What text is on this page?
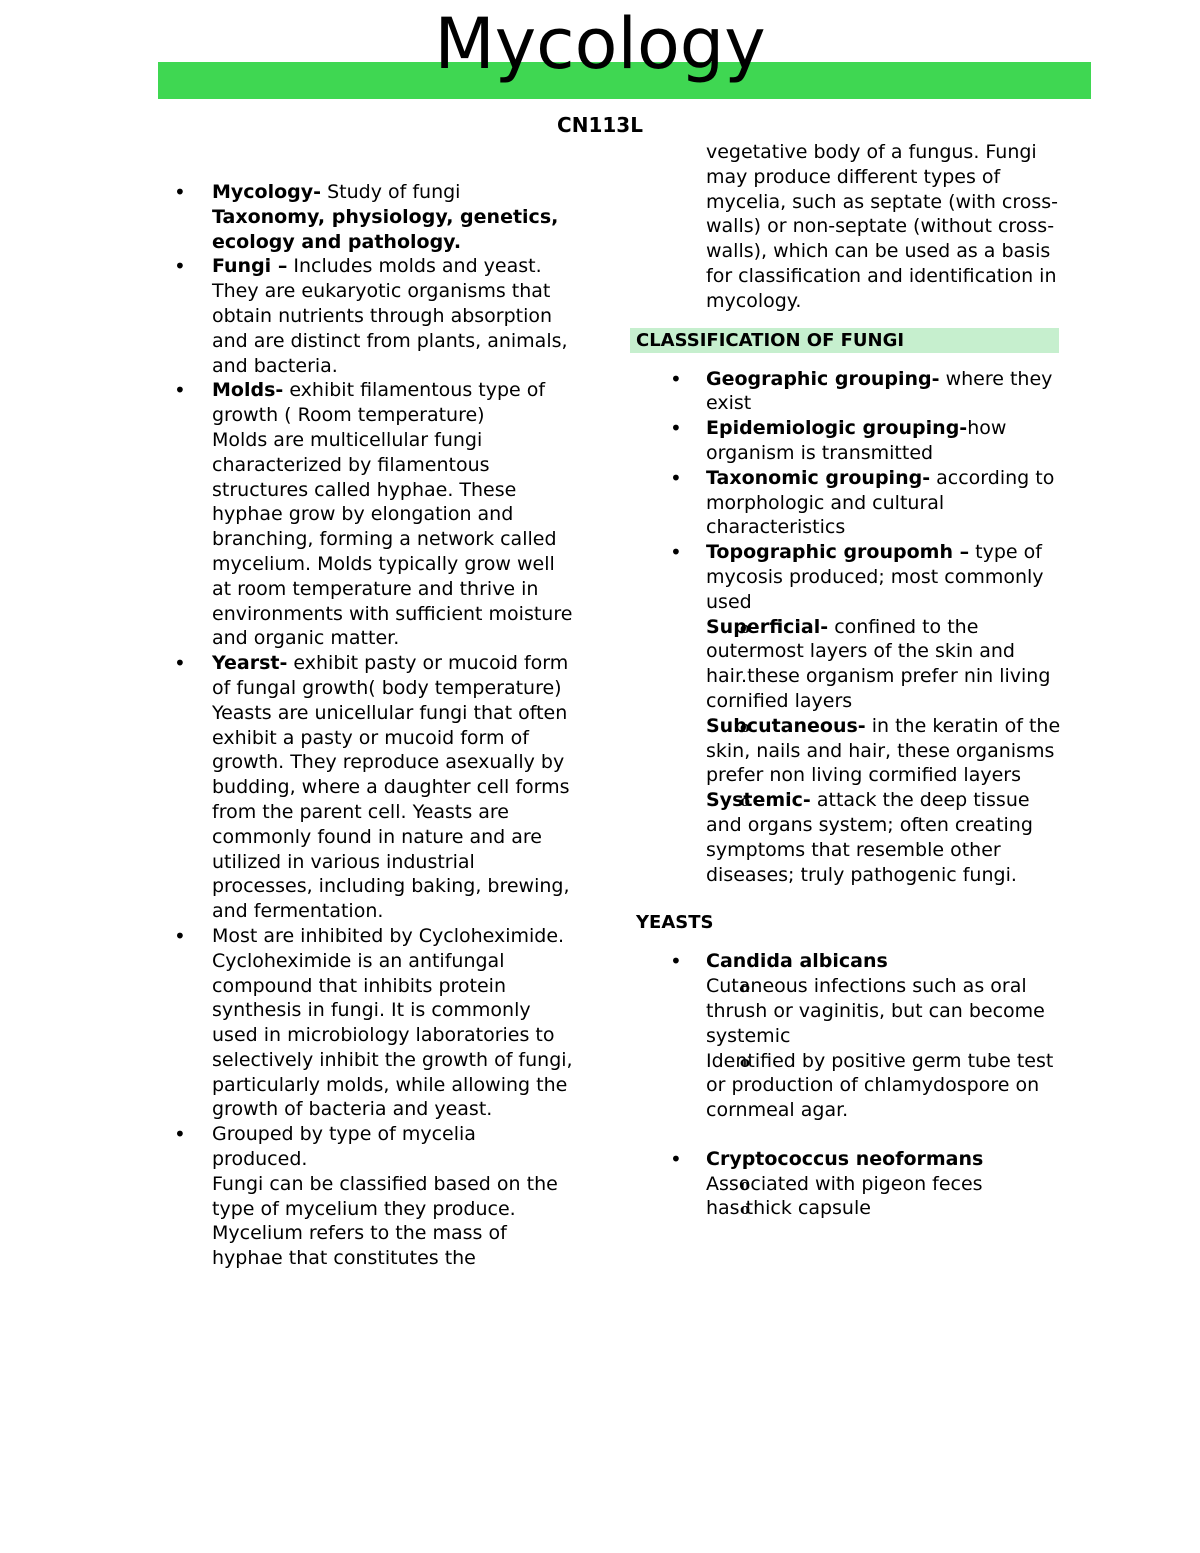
Mycology
CN113L
• Mycology- Study of fungi
Taxonomy, physiology, genetics, ecology and pathology.
• Fungi – Includes molds and yeast. They are eukaryotic organisms that obtain nutrients through absorption and are distinct from plants, animals, and bacteria.
• Molds- exhibit filamentous type of growth ( Room temperature)
Molds are multicellular fungi characterized by filamentous structures called hyphae. These hyphae grow by elongation and branching, forming a network called mycelium. Molds typically grow well at room temperature and thrive in environments with sufficient moisture and organic matter.
• Yearst- exhibit pasty or mucoid form of fungal growth( body temperature)
Yeasts are unicellular fungi that often exhibit a pasty or mucoid form of growth. They reproduce asexually by budding, where a daughter cell forms from the parent cell. Yeasts are commonly found in nature and are utilized in various industrial processes, including baking, brewing, and fermentation.
• Most are inhibited by Cycloheximide.
Cycloheximide is an antifungal compound that inhibits protein synthesis in fungi. It is commonly used in microbiology laboratories to selectively inhibit the growth of fungi, particularly molds, while allowing the growth of bacteria and yeast.
• Grouped by type of mycelia produced.
Fungi can be classified based on the type of mycelium they produce. Mycelium refers to the mass of hyphae that constitutes the
vegetative body of a fungus. Fungi may produce different types of mycelia, such as septate (with cross-walls) or non-septate (without cross-walls), which can be used as a basis for classification and identification in mycology.
CLASSIFICATION OF FUNGI
• Geographic grouping- where they exist
• Epidemiologic grouping-how organism is transmitted
• Taxonomic grouping- according to morphologic and cultural characteristics
• Topographic groupomh – type of mycosis produced; most commonly used
o Superficial- confined to the outermost layers of the skin and hair.these organism prefer nin living cornified layers
o Subcutaneous- in the keratin of the skin, nails and hair, these organisms prefer non living cormified layers
o Systemic- attack the deep tissue and organs system; often creating symptoms that resemble other diseases; truly pathogenic fungi.
YEASTS
• Candida albicans
o Cutaneous infections such as oral thrush or vaginitis, but can become systemic
o Identified by positive germ tube test or production of chlamydospore on cornmeal agar.
• Cryptococcus neoformans
o Associated with pigeon feces
o has thick capsule
